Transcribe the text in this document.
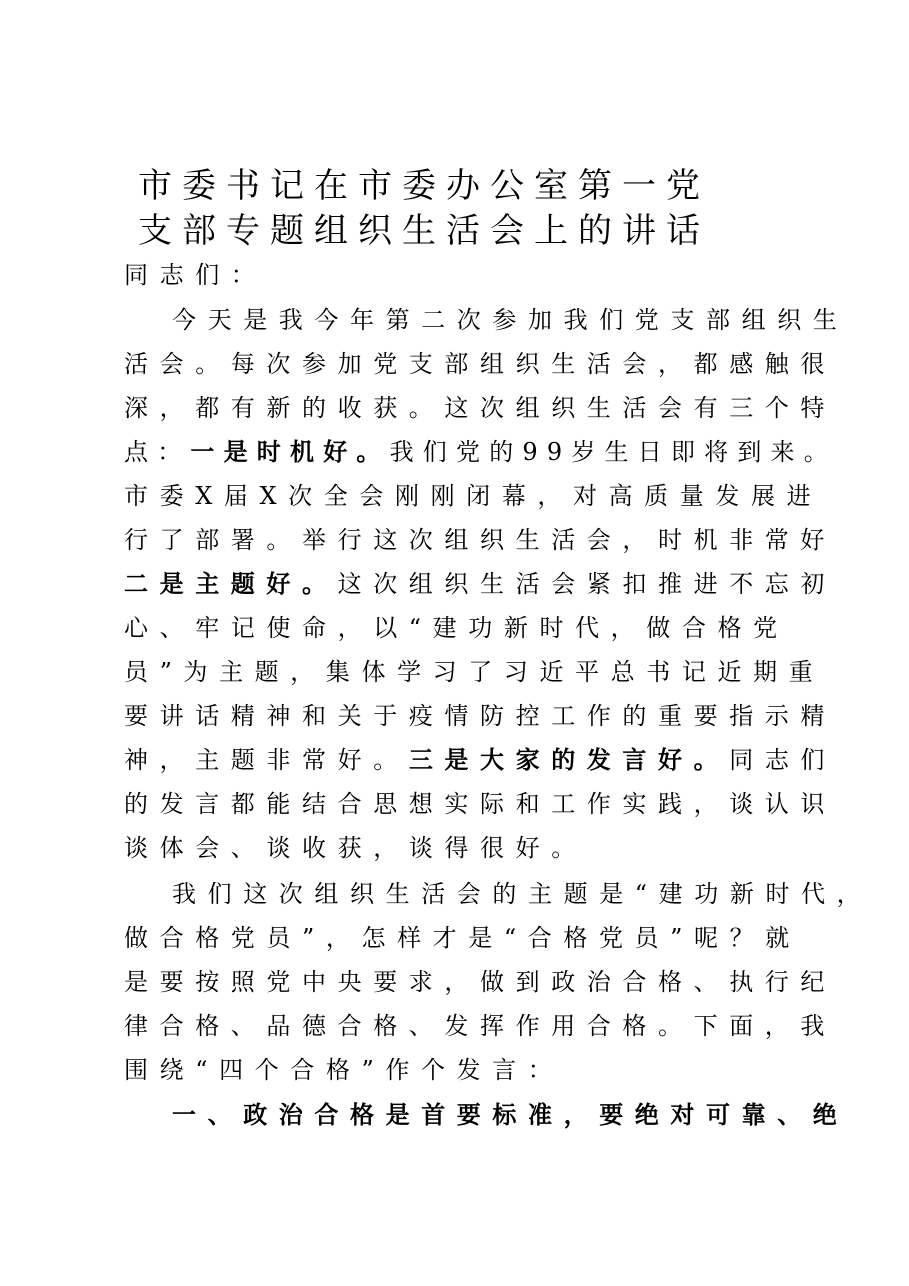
市委书记在市委办公室第一党
支部专题组织生活会上的讲话
同志们：
今天是我今年第二次参加我们党支部组织生
活会。每次参加党支部组织生活会，都感触很
深，都有新的收获。这次组织生活会有三个特
点：一是时机好。我们党的99岁生日即将到来。
市委X届X次全会刚刚闭幕，对高质量发展进
行了部署。举行这次组织生活会，时机非常好
二是主题好。这次组织生活会紧扣推进不忘初
心、牢记使命，以“建功新时代，做合格党
员”为主题，集体学习了习近平总书记近期重
要讲话精神和关于疫情防控工作的重要指示精
神，主题非常好。三是大家的发言好。同志们
的发言都能结合思想实际和工作实践，谈认识
谈体会、谈收获，谈得很好。
我们这次组织生活会的主题是“建功新时代，
做合格党员”，怎样才是“合格党员”呢？就
是要按照党中央要求，做到政治合格、执行纪
律合格、品德合格、发挥作用合格。下面，我
围绕“四个合格”作个发言：
一、政治合格是首要标准，要绝对可靠、绝
